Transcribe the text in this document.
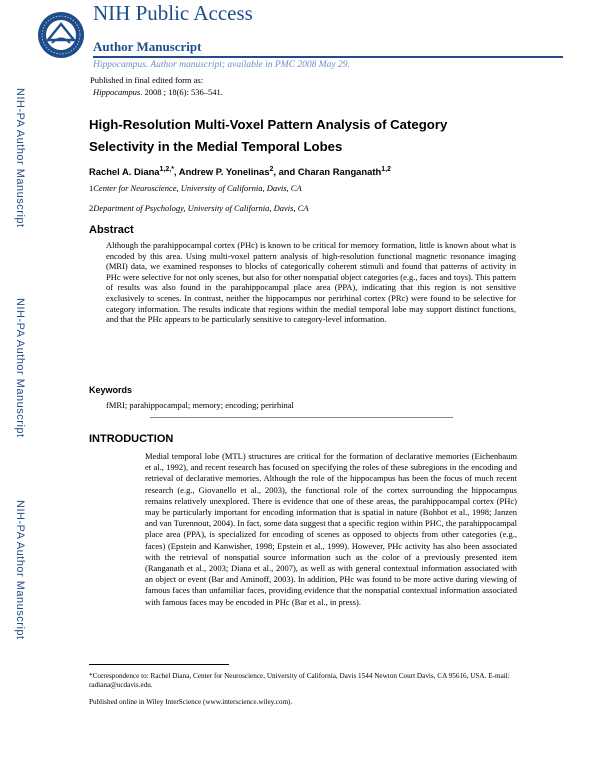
NIH Public Access
Author Manuscript
Hippocampus. Author manuscript; available in PMC 2008 May 29.
NIH-PA Author Manuscript
NIH-PA Author Manuscript
NIH-PA Author Manuscript
Published in final edited form as:
Hippocampus. 2008 ; 18(6): 536–541.
High-Resolution Multi-Voxel Pattern Analysis of Category Selectivity in the Medial Temporal Lobes
Rachel A. Diana$^{1,2,*}$, Andrew P. Yonelinas$^2$, and Charan Ranganath$^{1,2}$
1Center for Neuroscience, University of California, Davis, CA
2Department of Psychology, University of California, Davis, CA
Abstract
Although the parahippocampal cortex (PHc) is known to be critical for memory formation, little is known about what is encoded by this area. Using multi-voxel pattern analysis of high-resolution functional magnetic resonance imaging (MRI) data, we examined responses to blocks of categorically coherent stimuli and found that patterns of activity in PHc were selective for not only scenes, but also for other nonspatial object categories (e.g., faces and toys). This pattern of results was also found in the parahippocampal place area (PPA), indicating that this region is not sensitive exclusively to scenes. In contrast, neither the hippocampus nor perirhinal cortex (PRc) were found to be selective for category information. The results indicate that regions within the medial temporal lobe may support distinct functions, and that the PHc appears to be particularly sensitive to category-level information.
Keywords
fMRI; parahippocampal; memory; encoding; perirhinal
INTRODUCTION
Medial temporal lobe (MTL) structures are critical for the formation of declarative memories (Eichenbaum et al., 1992), and recent research has focused on specifying the roles of these subregions in the encoding and retrieval of declarative memories. Although the role of the hippocampus has been the focus of much recent research (e.g., Giovanello et al., 2003), the functional role of the cortex surrounding the hippocampus remains relatively unexplored. There is evidence that one of these areas, the parahippocampal cortex (PHc) may be particularly important for encoding information that is spatial in nature (Bohbot et al., 1998; Janzen and van Turennout, 2004). In fact, some data suggest that a specific region within PHC, the parahippocampal place area (PPA), is specialized for encoding of scenes as opposed to objects from other categories (e.g., faces) (Epstein and Kanwisher, 1998; Epstein et al., 1999). However, PHc activity has also been associated with the retrieval of nonspatial source information such as the color of a previously presented item (Ranganath et al., 2003; Diana et al., 2007), as well as with general contextual information associated with an object or event (Bar and Aminoff, 2003). In addition, PHc was found to be more active during viewing of famous faces than unfamiliar faces, providing evidence that the nonspatial contextual information associated with famous faces may be encoded in PHc (Bar et al., in press).
*Correspondence to: Rachel Diana, Center for Neuroscience, University of California, Davis 1544 Newton Court Davis, CA 95616, USA. E-mail: radiana@ucdavis.edu.
Published online in Wiley InterScience (www.interscience.wiley.com).
